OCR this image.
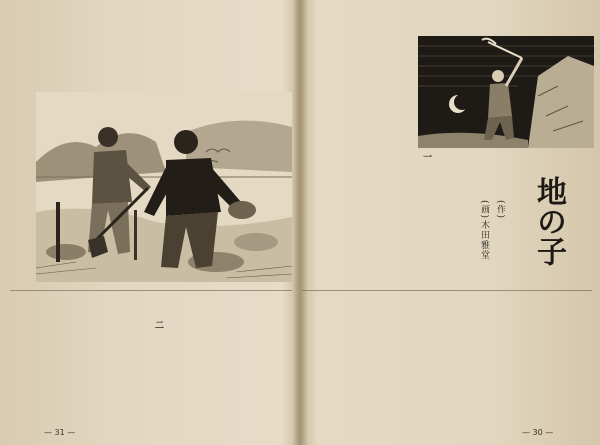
二
— 31 —
一
地の子
(作)
(画)
木田雅堂
— 30 —
